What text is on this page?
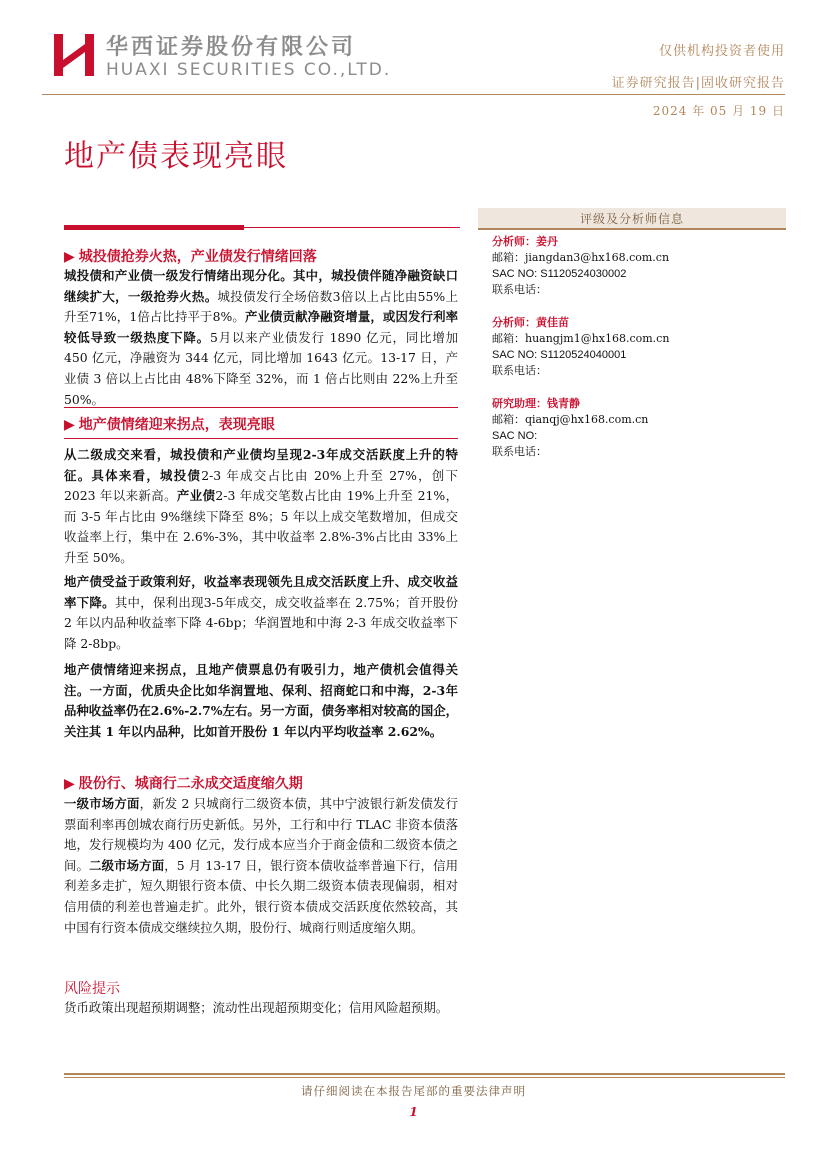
华西证券股份有限公司
HUAXI SECURITIES CO.,LTD.
仅供机构投资者使用
证券研究报告|固收研究报告
2024 年 05 月 19 日
地产债表现亮眼
▶ 城投债抢券火热，产业债发行情绪回落
城投债和产业债一级发行情绪出现分化。其中，城投债伴随净融资缺口继续扩大，一级抢券火热。城投债发行全场倍数3倍以上占比由55%上升至71%，1倍占比持平于8%。产业债贡献净融资增量，或因发行利率较低导致一级热度下降。5月以来产业债发行 1890 亿元，同比增加 450 亿元，净融资为 344 亿元，同比增加 1643 亿元。13-17 日，产业债 3 倍以上占比由 48%下降至 32%，而 1 倍占比则由 22%上升至 50%。
▶ 地产债情绪迎来拐点，表现亮眼
从二级成交来看，城投债和产业债均呈现2-3年成交活跃度上升的特征。具体来看，城投债2-3 年成交占比由 20%上升至 27%，创下 2023 年以来新高。产业债2-3 年成交笔数占比由 19%上升至 21%，而 3-5 年占比由 9%继续下降至 8%；5 年以上成交笔数增加，但成交收益率上行，集中在 2.6%-3%，其中收益率 2.8%-3%占比由 33%上升至 50%。
地产债受益于政策利好，收益率表现领先且成交活跃度上升、成交收益率下降。其中，保利出现3-5年成交，成交收益率在 2.75%；首开股份 2 年以内品种收益率下降 4-6bp；华润置地和中海 2-3 年成交收益率下降 2-8bp。
地产债情绪迎来拐点，且地产债票息仍有吸引力，地产债机会值得关注。一方面，优质央企比如华润置地、保利、招商蛇口和中海，2-3年品种收益率仍在2.6%-2.7%左右。另一方面，债务率相对较高的国企，关注其 1 年以内品种，比如首开股份 1 年以内平均收益率 2.62%。
▶ 股份行、城商行二永成交适度缩久期
一级市场方面，新发 2 只城商行二级资本债，其中宁波银行新发债发行票面利率再创城农商行历史新低。另外，工行和中行 TLAC 非资本债落地，发行规模均为 400 亿元，发行成本应当介于商金债和二级资本债之间。二级市场方面，5 月 13-17 日，银行资本债收益率普遍下行，信用利差多走扩，短久期银行资本债、中长久期二级资本债表现偏弱，相对信用债的利差也普遍走扩。此外，银行资本债成交活跃度依然较高，其中国有行资本债成交继续拉久期，股份行、城商行则适度缩久期。
风险提示
货币政策出现超预期调整；流动性出现超预期变化；信用风险超预期。
评级及分析师信息
分析师：姜丹
邮箱：jiangdan3@hx168.com.cn
SAC NO: S1120524030002
联系电话：
分析师：黄佳苗
邮箱：huangjm1@hx168.com.cn
SAC NO: S1120524040001
联系电话：
研究助理：钱青静
邮箱：qianqj@hx168.com.cn
SAC NO:
联系电话：
请仔细阅读在本报告尾部的重要法律声明
1
